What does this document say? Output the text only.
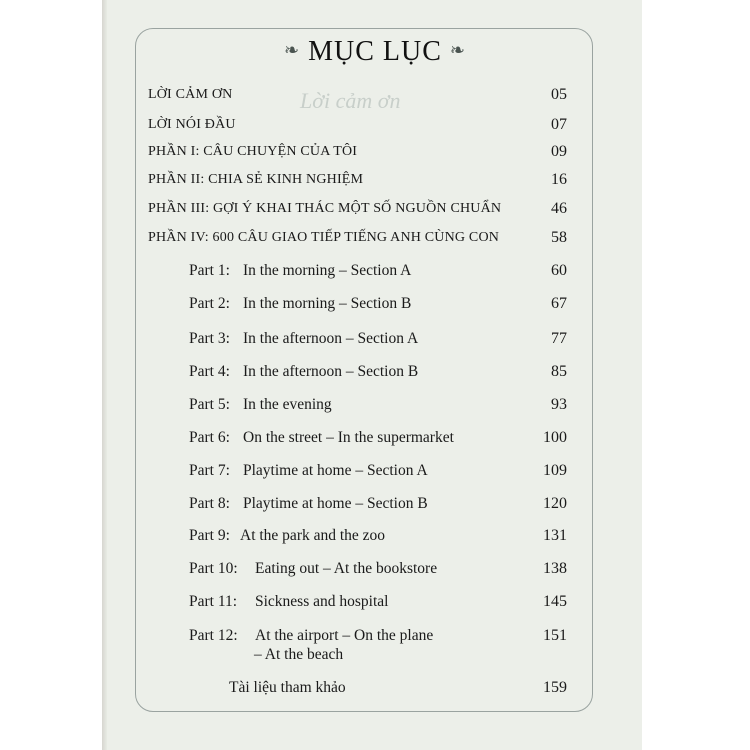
Lời cảm ơn
❧ MỤC LỤC ❧
LỜI CẢM ƠN	05
LỜI NÓI ĐẦU	07
PHẦN I: CÂU CHUYỆN CỦA TÔI	09
PHẦN II: CHIA SẺ KINH NGHIỆM	16
PHẦN III: GỢI Ý KHAI THÁC MỘT SỐ NGUỒN CHUẨN	46
PHẦN IV: 600 CÂU GIAO TIẾP TIẾNG ANH CÙNG CON	58
Part 1: In the morning – Section A	60
Part 2: In the morning – Section B	67
Part 3: In the afternoon – Section A	77
Part 4: In the afternoon – Section B	85
Part 5: In the evening	93
Part 6: On the street – In the supermarket	100
Part 7: Playtime at home – Section A	109
Part 8: Playtime at home – Section B	120
Part 9: At the park and the zoo	131
Part 10: Eating out – At the bookstore	138
Part 11: Sickness and hospital	145
Part 12: At the airport – On the plane	151
– At the beach
Tài liệu tham khảo	159
